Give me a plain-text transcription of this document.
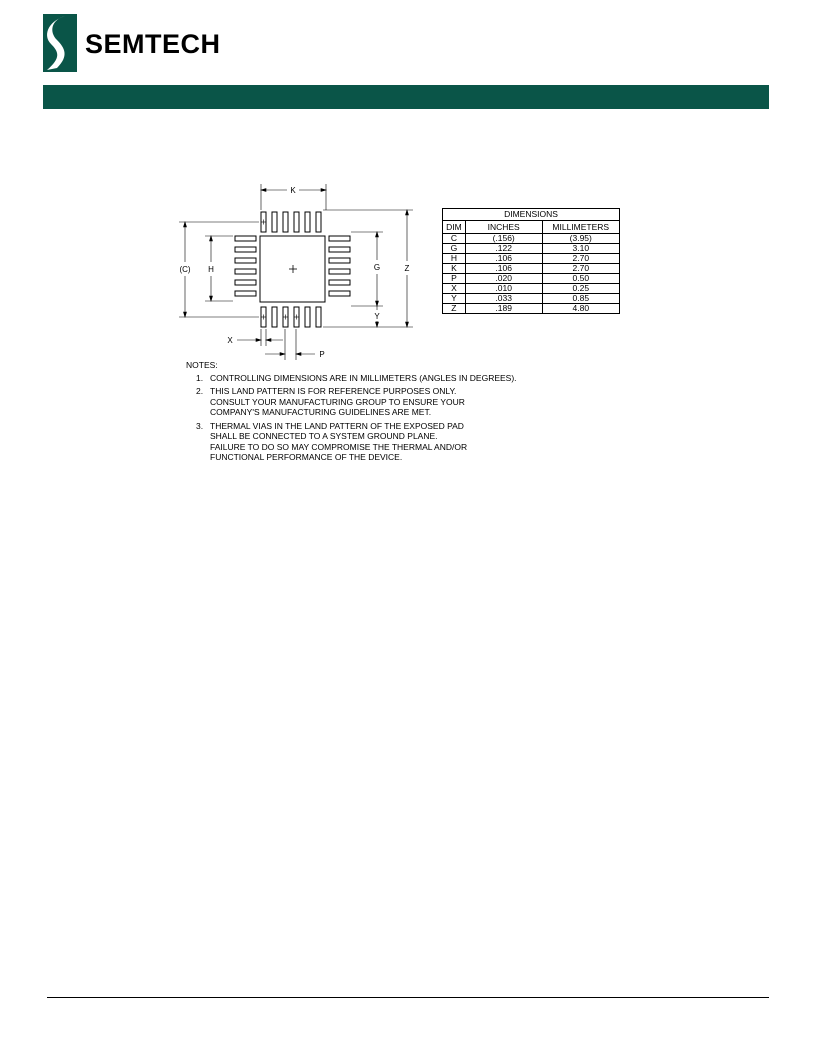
SEMTECH
K
(C) H	G	Z
Y
X
P
DIMENSIONS		
DIM	INCHES	MILLIMETERS
C	(.156)	(3.95)
G	.122	3.10
H	.106	2.70
K	.106	2.70
P	.020	0.50
X	.010	0.25
Y	.033	0.85
Z	.189	4.80
NOTES:
1. CONTROLLING DIMENSIONS ARE IN MILLIMETERS (ANGLES IN DEGREES).
2. THIS LAND PATTERN IS FOR REFERENCE PURPOSES ONLY.
CONSULT YOUR MANUFACTURING GROUP TO ENSURE YOUR
COMPANY'S MANUFACTURING GUIDELINES ARE MET.
3. THERMAL VIAS IN THE LAND PATTERN OF THE EXPOSED PAD
SHALL BE CONNECTED TO A SYSTEM GROUND PLANE.
FAILURE TO DO SO MAY COMPROMISE THE THERMAL AND/OR
FUNCTIONAL PERFORMANCE OF THE DEVICE.
